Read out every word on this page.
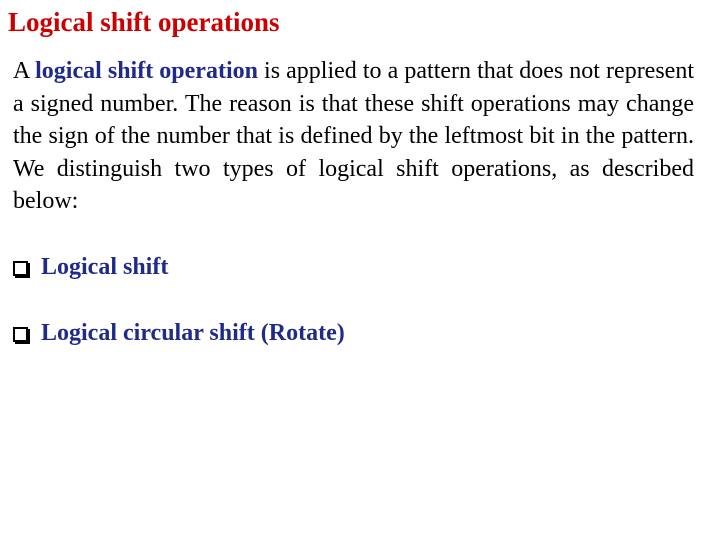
Logical shift operations

A logical shift operation is applied to a pattern that does not represent a signed number. The reason is that these shift operations may change the sign of the number that is defined by the leftmost bit in the pattern. We distinguish two types of logical shift operations, as described below:

Logical shift
Logical circular shift (Rotate)
